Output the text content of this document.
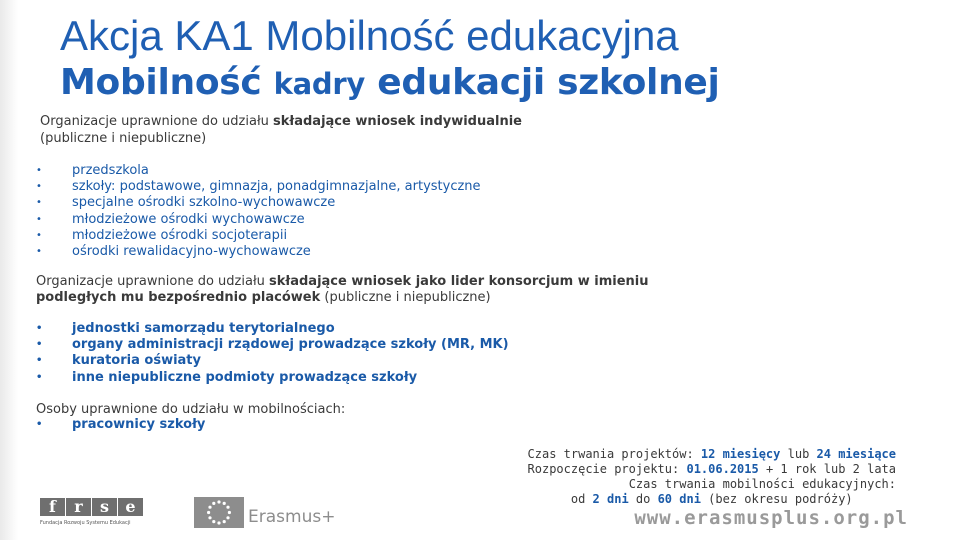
Akcja KA1 Mobilność edukacyjna
Mobilność kadry edukacji szkolnej
Organizacje uprawnione do udziału składające wniosek indywidualnie
(publiczne i niepubliczne)
• przedszkola
• szkoły: podstawowe, gimnazja, ponadgimnazjalne, artystyczne
• specjalne ośrodki szkolno-wychowawcze
• młodzieżowe ośrodki wychowawcze
• młodzieżowe ośrodki socjoterapii
• ośrodki rewalidacyjno-wychowawcze
Organizacje uprawnione do udziału składające wniosek jako lider konsorcjum w imieniu
podległych mu bezpośrednio placówek (publiczne i niepubliczne)
• jednostki samorządu terytorialnego
• organy administracji rządowej prowadzące szkoły (MR, MK)
• kuratoria oświaty
• inne niepubliczne podmioty prowadzące szkoły
Osoby uprawnione do udziału w mobilnościach:
• pracownicy szkoły
Czas trwania projektów: 12 miesięcy lub 24 miesiące
Rozpoczęcie projektu: 01.06.2015 + 1 rok lub 2 lata
Czas trwania mobilności edukacyjnych:
od 2 dni do 60 dni (bez okresu podróży)
f	r	s	e
Fundacja Rozwoju Systemu Edukacji	Erasmus+	www.erasmusplus.org.pl
